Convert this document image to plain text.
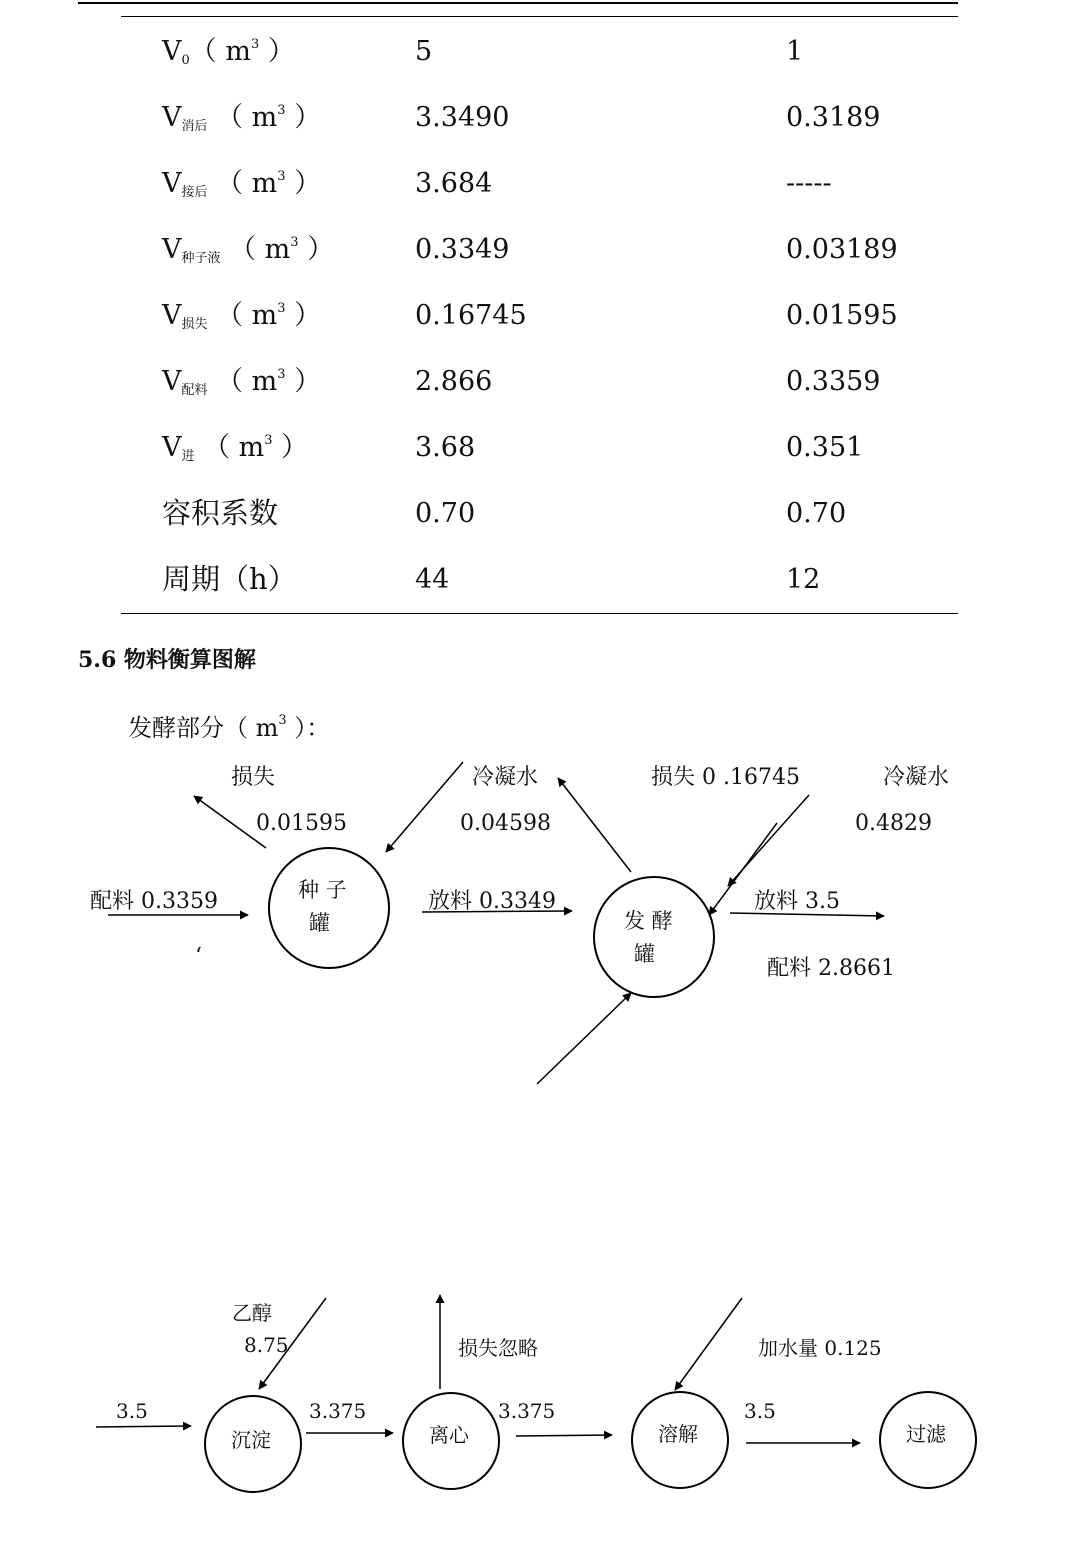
$V_0$（ $m^3$ ）	5	1
$V_{消后}$ （ $m^3$ ）	3.3490	0.3189
$V_{接后}$ （ $m^3$ ）	3.684	-----
$V_{种子液}$ （ $m^3$ ）	0.3349	0.03189
$V_{损失}$ （ $m^3$ ）	0.16745	0.01595
$V_{配料}$ （ $m^3$ ）	2.866	0.3359
$V_进$ （ $m^3$ ）	3.68	0.351
容积系数	0.70	0.70
周期（h）	44	12
5.6 物料衡算图解
发酵部分（ $m^3$ ）：
损失
0.01595
冷凝水
0.04598
损失 0 .16745	冷凝水
0.4829
配料 0.3359	放料 0.3349	放料 3.5
配料 2.8661
‘
种 子
罐	发 酵
罐
3.5
乙醇
8.75
3.375
损失忽略
3.375
加水量 0.125
3.5
沉淀	离心	溶解	过滤
